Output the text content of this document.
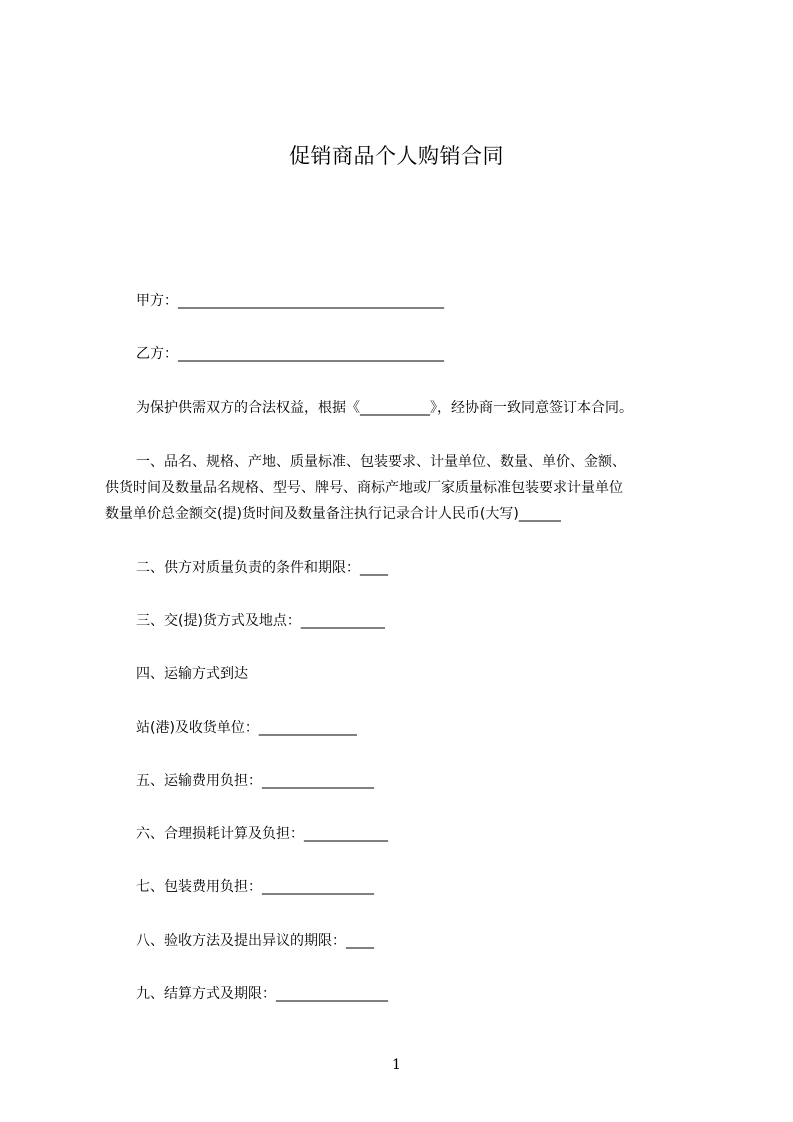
促销商品个人购销合同
甲方：______________________________________
乙方：______________________________________
为保护供需双方的合法权益，根据《__________》，经协商一致同意签订本合同。
一、品名、规格、产地、质量标准、包装要求、计量单位、数量、单价、金额、
供货时间及数量品名规格、型号、牌号、商标产地或厂家质量标准包装要求计量单位
数量单价总金额交(提)货时间及数量备注执行记录合计人民币(大写)______
二、供方对质量负责的条件和期限：____
三、交(提)货方式及地点：____________
四、运输方式到达
站(港)及收货单位：______________
五、运输费用负担：________________
六、合理损耗计算及负担：____________
七、包装费用负担：________________
八、验收方法及提出异议的期限：____
九、结算方式及期限：________________
1
